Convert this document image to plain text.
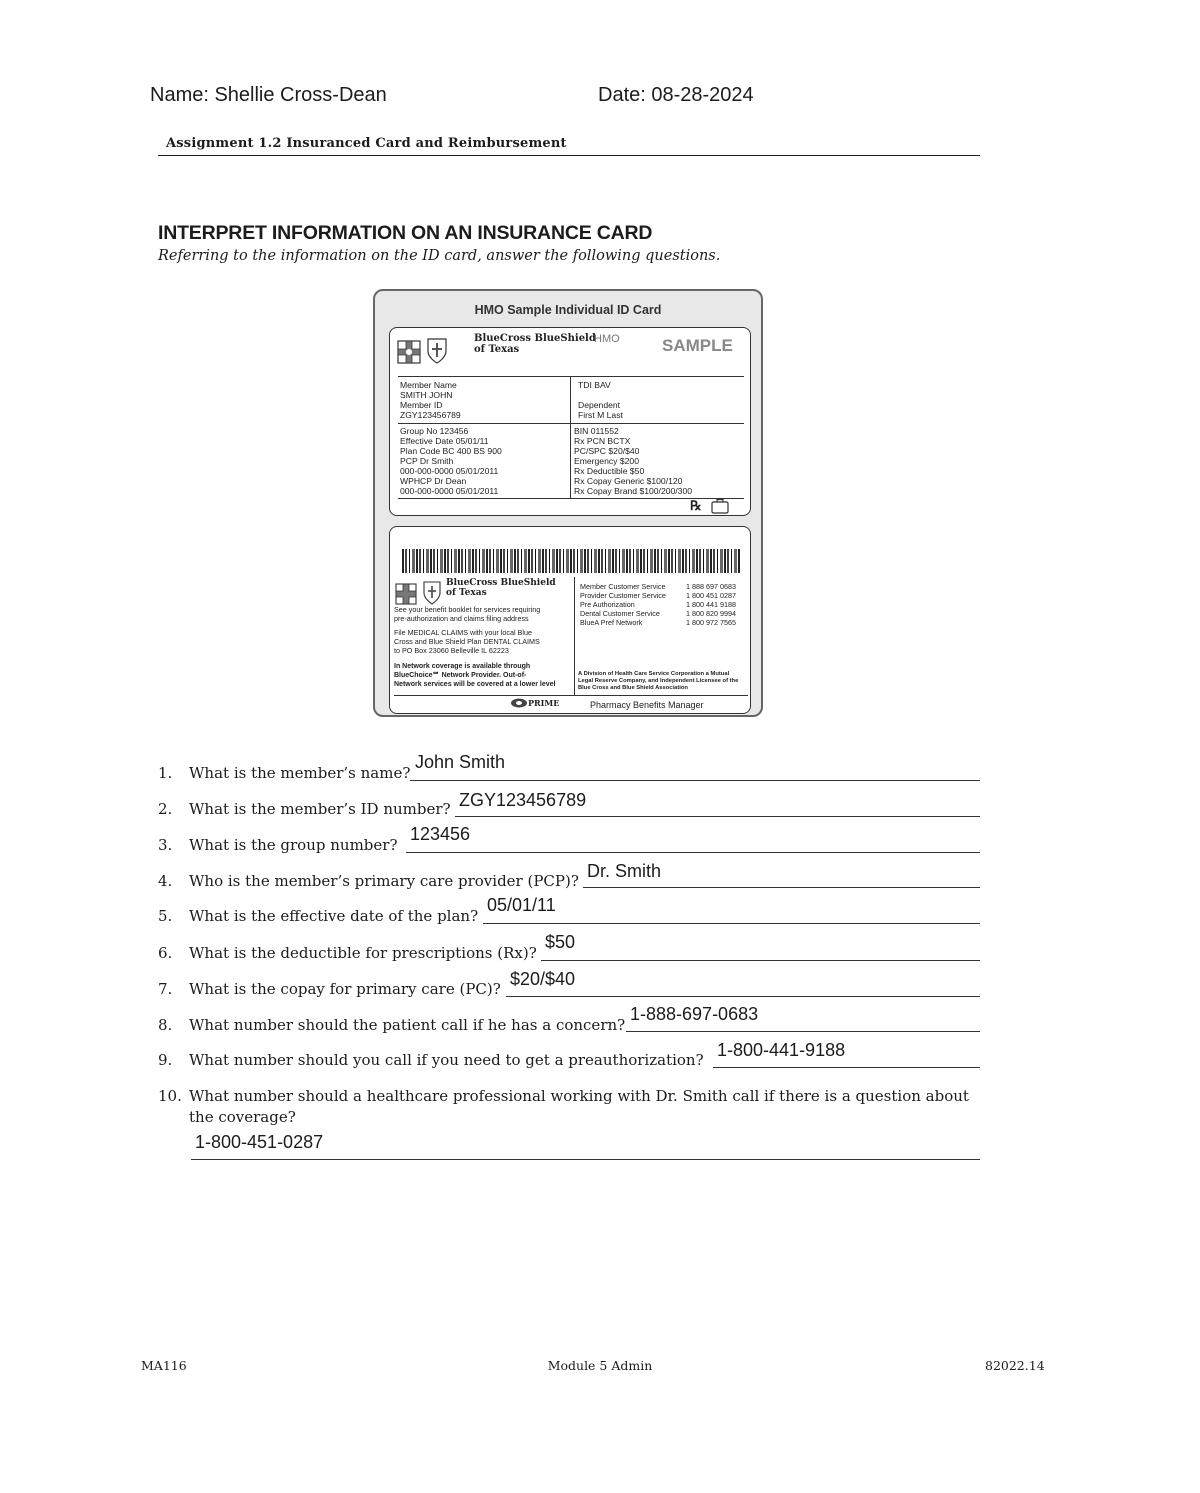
Name: Shellie Cross-Dean	Date: 08-28-2024
Assignment 1.2 Insuranced Card and Reimbursement
INTERPRET INFORMATION ON AN INSURANCE CARD
Referring to the information on the ID card, answer the following questions.
HMO Sample Individual ID Card
BlueCross BlueShield
of Texas
HMO SAMPLE
Member Name
SMITH JOHN
Member ID
ZGY123456789
Group No 123456
Effective Date 05/01/11
Plan Code BC 400 BS 900
PCP Dr Smith
000-000-0000 05/01/2011
WPHCP Dr Dean
000-000-0000 05/01/2011
TDI BAV
Dependent
First M Last
BIN 011552
Rx PCN BCTX
PC/SPC $20/$40
Emergency $200
Rx Deductible $50
Rx Copay Generic $100/120
Rx Copay Brand $100/200/300
℞
BlueCross BlueShield
of Texas
See your benefit booklet for services requiring
pre-authorization and claims filing address
File MEDICAL CLAIMS with your local Blue
Cross and Blue Shield Plan DENTAL CLAIMS
to PO Box 23060 Belleville IL 62223
In Network coverage is available through
BlueChoice℠ Network Provider. Out-of-
Network services will be covered at a lower level
Member Customer Service	1 888 697 0683
Provider Customer Service	1 800 451 0287
Pre Authorization	1 800 441 9188
Dental Customer Service	1 800 820 9994
BlueA Pref Network	1 800 972 7565
A Division of Health Care Service Corporation a Mutual
Legal Reserve Company, and Independent Licensee of the
Blue Cross and Blue Shield Association
PRIME	Pharmacy Benefits Manager
1. What is the member’s name?
John Smith
2. What is the member’s ID number? ZGY123456789
3. What is the group number?
123456
4. Who is the member’s primary care provider (PCP)? Dr. Smith
5. What is the effective date of the plan?
05/01/11
6. What is the deductible for prescriptions (Rx)?
$50
7. What is the copay for primary care (PC)? $20/$40
8. What number should the patient call if he has a concern?
1-888-697-0683
9. What number should you call if you need to get a preauthorization? 1-800-441-9188
10. What number should a healthcare professional working with Dr. Smith call if there is a question about
the coverage?
1-800-451-0287
MA116	Module 5 Admin	82022.14
